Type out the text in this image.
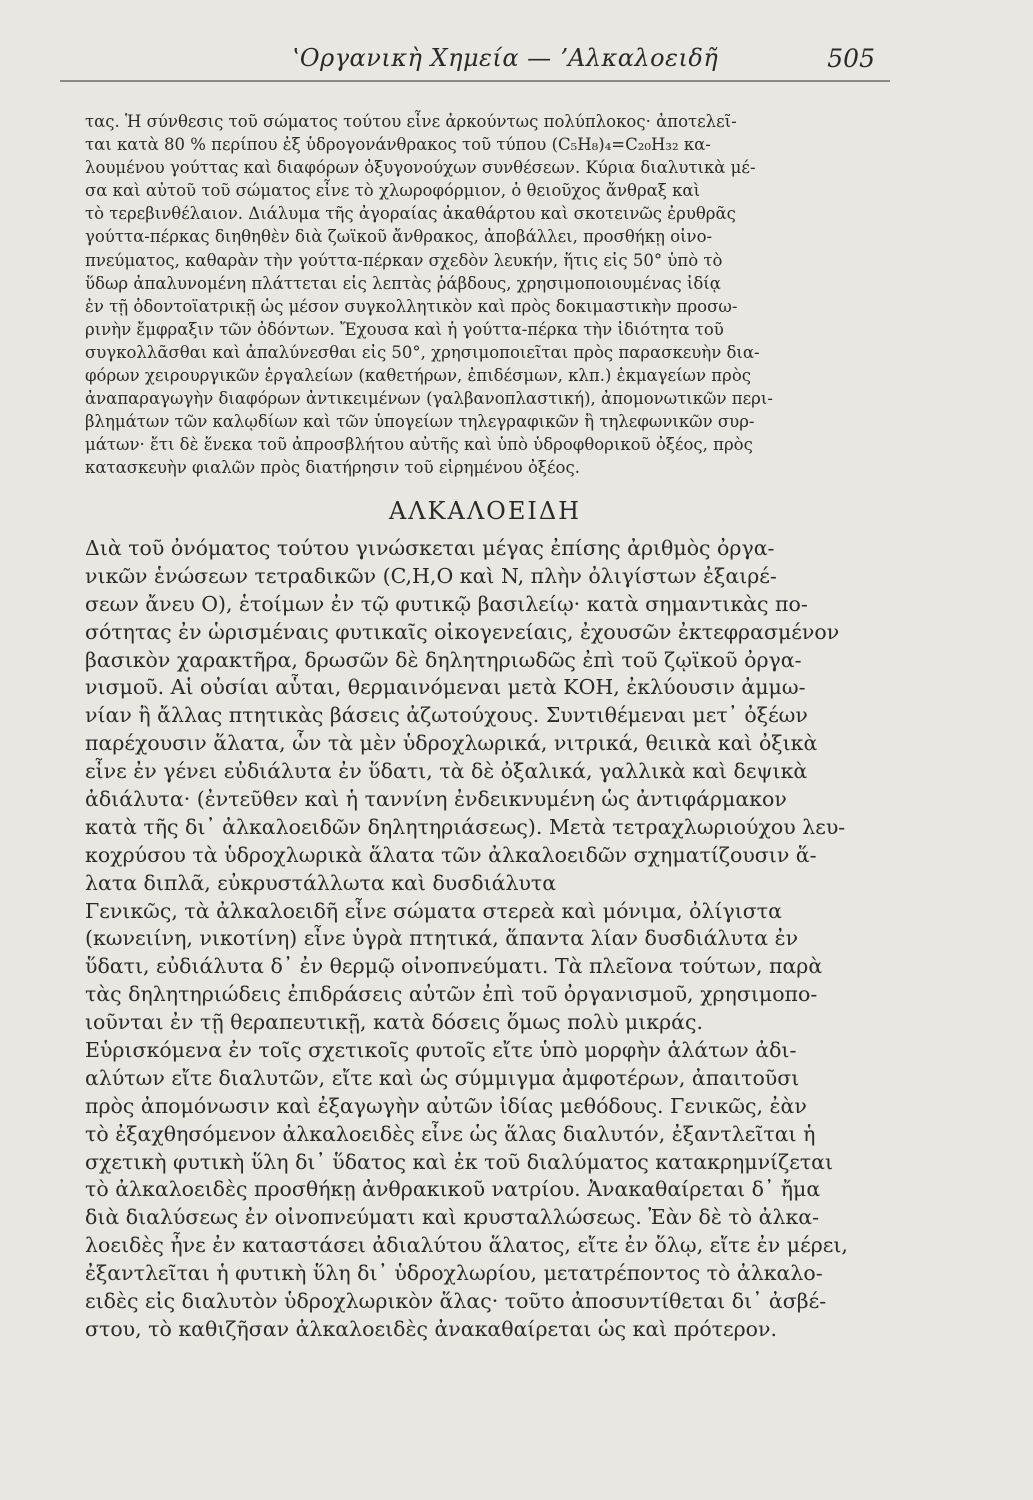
ʽΟργανικὴ Χημεία — ʼΑλκαλοειδῆ	505
τας. Ἡ σύνθεσις τοῦ σώματος τούτου εἶνε ἀρκούντως πολύπλοκος· ἀποτελεῖ-
ται κατὰ 80 % περίπου ἐξ ὑδρογονάνθρακος τοῦ τύπου (C₅H₈)₄=C₂₀H₃₂ κα-
λουμένου γούττας καὶ διαφόρων ὀξυγονούχων συνθέσεων. Κύρια διαλυτικὰ μέ-
σα καὶ αὐτοῦ τοῦ σώματος εἶνε τὸ χλωροφόρμιον, ὁ θειοῦχος ἄνθραξ καὶ
τὸ τερεβινθέλαιον. Διάλυμα τῆς ἀγοραίας ἀκαθάρτου καὶ σκοτεινῶς ἐρυθρᾶς
γούττα-πέρκας διηθηθὲν διὰ ζωϊκοῦ ἄνθρακος, ἀποβάλλει, προσθήκῃ οἰνο-
πνεύματος, καθαρὰν τὴν γούττα-πέρκαν σχεδὸν λευκήν, ἥτις εἰς 50° ὑπὸ τὸ
ὕδωρ ἀπαλυνομένη πλάττεται εἰς λεπτὰς ῥάβδους, χρησιμοποιουμένας ἰδίᾳ
ἐν τῇ ὀδοντοϊατρικῇ ὡς μέσον συγκολλητικὸν καὶ πρὸς δοκιμαστικὴν προσω-
ρινὴν ἔμφραξιν τῶν ὀδόντων. Ἔχουσα καὶ ἡ γούττα-πέρκα τὴν ἰδιότητα τοῦ
συγκολλᾶσθαι καὶ ἀπαλύνεσθαι εἰς 50°, χρησιμοποιεῖται πρὸς παρασκευὴν δια-
φόρων χειρουργικῶν ἐργαλείων (καθετήρων, ἐπιδέσμων, κλπ.) ἐκμαγείων πρὸς
ἀναπαραγωγὴν διαφόρων ἀντικειμένων (γαλβανοπλαστική), ἀπομονωτικῶν περι-
βλημάτων τῶν καλῳδίων καὶ τῶν ὑπογείων τηλεγραφικῶν ἢ τηλεφωνικῶν συρ-
μάτων· ἔτι δὲ ἕνεκα τοῦ ἀπροσβλήτου αὐτῆς καὶ ὑπὸ ὑδροφθορικοῦ ὀξέος, πρὸς
κατασκευὴν φιαλῶν πρὸς διατήρησιν τοῦ εἰρημένου ὀξέος.
ΑΛΚΑΛΟΕΙΔΗ
Διὰ τοῦ ὀνόματος τούτου γινώσκεται μέγας ἐπίσης ἀριθμὸς ὀργα-
νικῶν ἑνώσεων τετραδικῶν (C,H,O καὶ N, πλὴν ὀλιγίστων ἐξαιρέ-
σεων ἄνευ O), ἑτοίμων ἐν τῷ φυτικῷ βασιλείῳ· κατὰ σημαντικὰς πο-
σότητας ἐν ὡρισμέναις φυτικαῖς οἰκογενείαις, ἐχουσῶν ἐκτεφρασμένον
βασικὸν χαρακτῆρα, δρωσῶν δὲ δηλητηριωδῶς ἐπὶ τοῦ ζῳϊκοῦ ὀργα-
νισμοῦ. Αἱ οὐσίαι αὗται, θερμαινόμεναι μετὰ ΚΟΗ, ἐκλύουσιν ἀμμω-
νίαν ἢ ἄλλας πτητικὰς βάσεις ἀζωτούχους. Συντιθέμεναι μετ᾽ ὀξέων
παρέχουσιν ἅλατα, ὧν τὰ μὲν ὑδροχλωρικά, νιτρικά, θειικὰ καὶ ὀξικὰ
εἶνε ἐν γένει εὐδιάλυτα ἐν ὕδατι, τὰ δὲ ὀξαλικά, γαλλικὰ καὶ δεψικὰ
ἀδιάλυτα· (ἐντεῦθεν καὶ ἡ ταννίνη ἐνδεικνυμένη ὡς ἀντιφάρμακον
κατὰ τῆς δι᾽ ἀλκαλοειδῶν δηλητηριάσεως). Μετὰ τετραχλωριούχου λευ-
κοχρύσου τὰ ὑδροχλωρικὰ ἅλατα τῶν ἀλκαλοειδῶν σχηματίζουσιν ἅ-
λατα διπλᾶ, εὐκρυστάλλωτα καὶ δυσδιάλυτα
Γενικῶς, τὰ ἀλκαλοειδῆ εἶνε σώματα στερεὰ καὶ μόνιμα, ὀλίγιστα
(κωνειίνη, νικοτίνη) εἶνε ὑγρὰ πτητικά, ἅπαντα λίαν δυσδιάλυτα ἐν
ὕδατι, εὐδιάλυτα δ᾽ ἐν θερμῷ οἰνοπνεύματι. Τὰ πλεῖονα τούτων, παρὰ
τὰς δηλητηριώδεις ἐπιδράσεις αὐτῶν ἐπὶ τοῦ ὀργανισμοῦ, χρησιμοπο-
ιοῦνται ἐν τῇ θεραπευτικῇ, κατὰ δόσεις ὅμως πολὺ μικράς.
Εὑρισκόμενα ἐν τοῖς σχετικοῖς φυτοῖς εἴτε ὑπὸ μορφὴν ἁλάτων ἀδι-
αλύτων εἴτε διαλυτῶν, εἴτε καὶ ὡς σύμμιγμα ἀμφοτέρων, ἀπαιτοῦσι
πρὸς ἀπομόνωσιν καὶ ἐξαγωγὴν αὐτῶν ἰδίας μεθόδους. Γενικῶς, ἐὰν
τὸ ἐξαχθησόμενον ἀλκαλοειδὲς εἶνε ὡς ἅλας διαλυτόν, ἐξαντλεῖται ἡ
σχετικὴ φυτικὴ ὕλη δι᾽ ὕδατος καὶ ἐκ τοῦ διαλύματος κατακρημνίζεται
τὸ ἀλκαλοειδὲς προσθήκῃ ἀνθρακικοῦ νατρίου. Ἀνακαθαίρεται δ᾽ ἤμα
διὰ διαλύσεως ἐν οἰνοπνεύματι καὶ κρυσταλλώσεως. Ἐὰν δὲ τὸ ἀλκα-
λοειδὲς ἦνε ἐν καταστάσει ἀδιαλύτου ἅλατος, εἴτε ἐν ὅλῳ, εἴτε ἐν μέρει,
ἐξαντλεῖται ἡ φυτικὴ ὕλη δι᾽ ὑδροχλωρίου, μετατρέποντος τὸ ἀλκαλο-
ειδὲς εἰς διαλυτὸν ὑδροχλωρικὸν ἅλας· τοῦτο ἀποσυντίθεται δι᾽ ἀσβέ-
στου, τὸ καθιζῆσαν ἀλκαλοειδὲς ἀνακαθαίρεται ὡς καὶ πρότερον.
